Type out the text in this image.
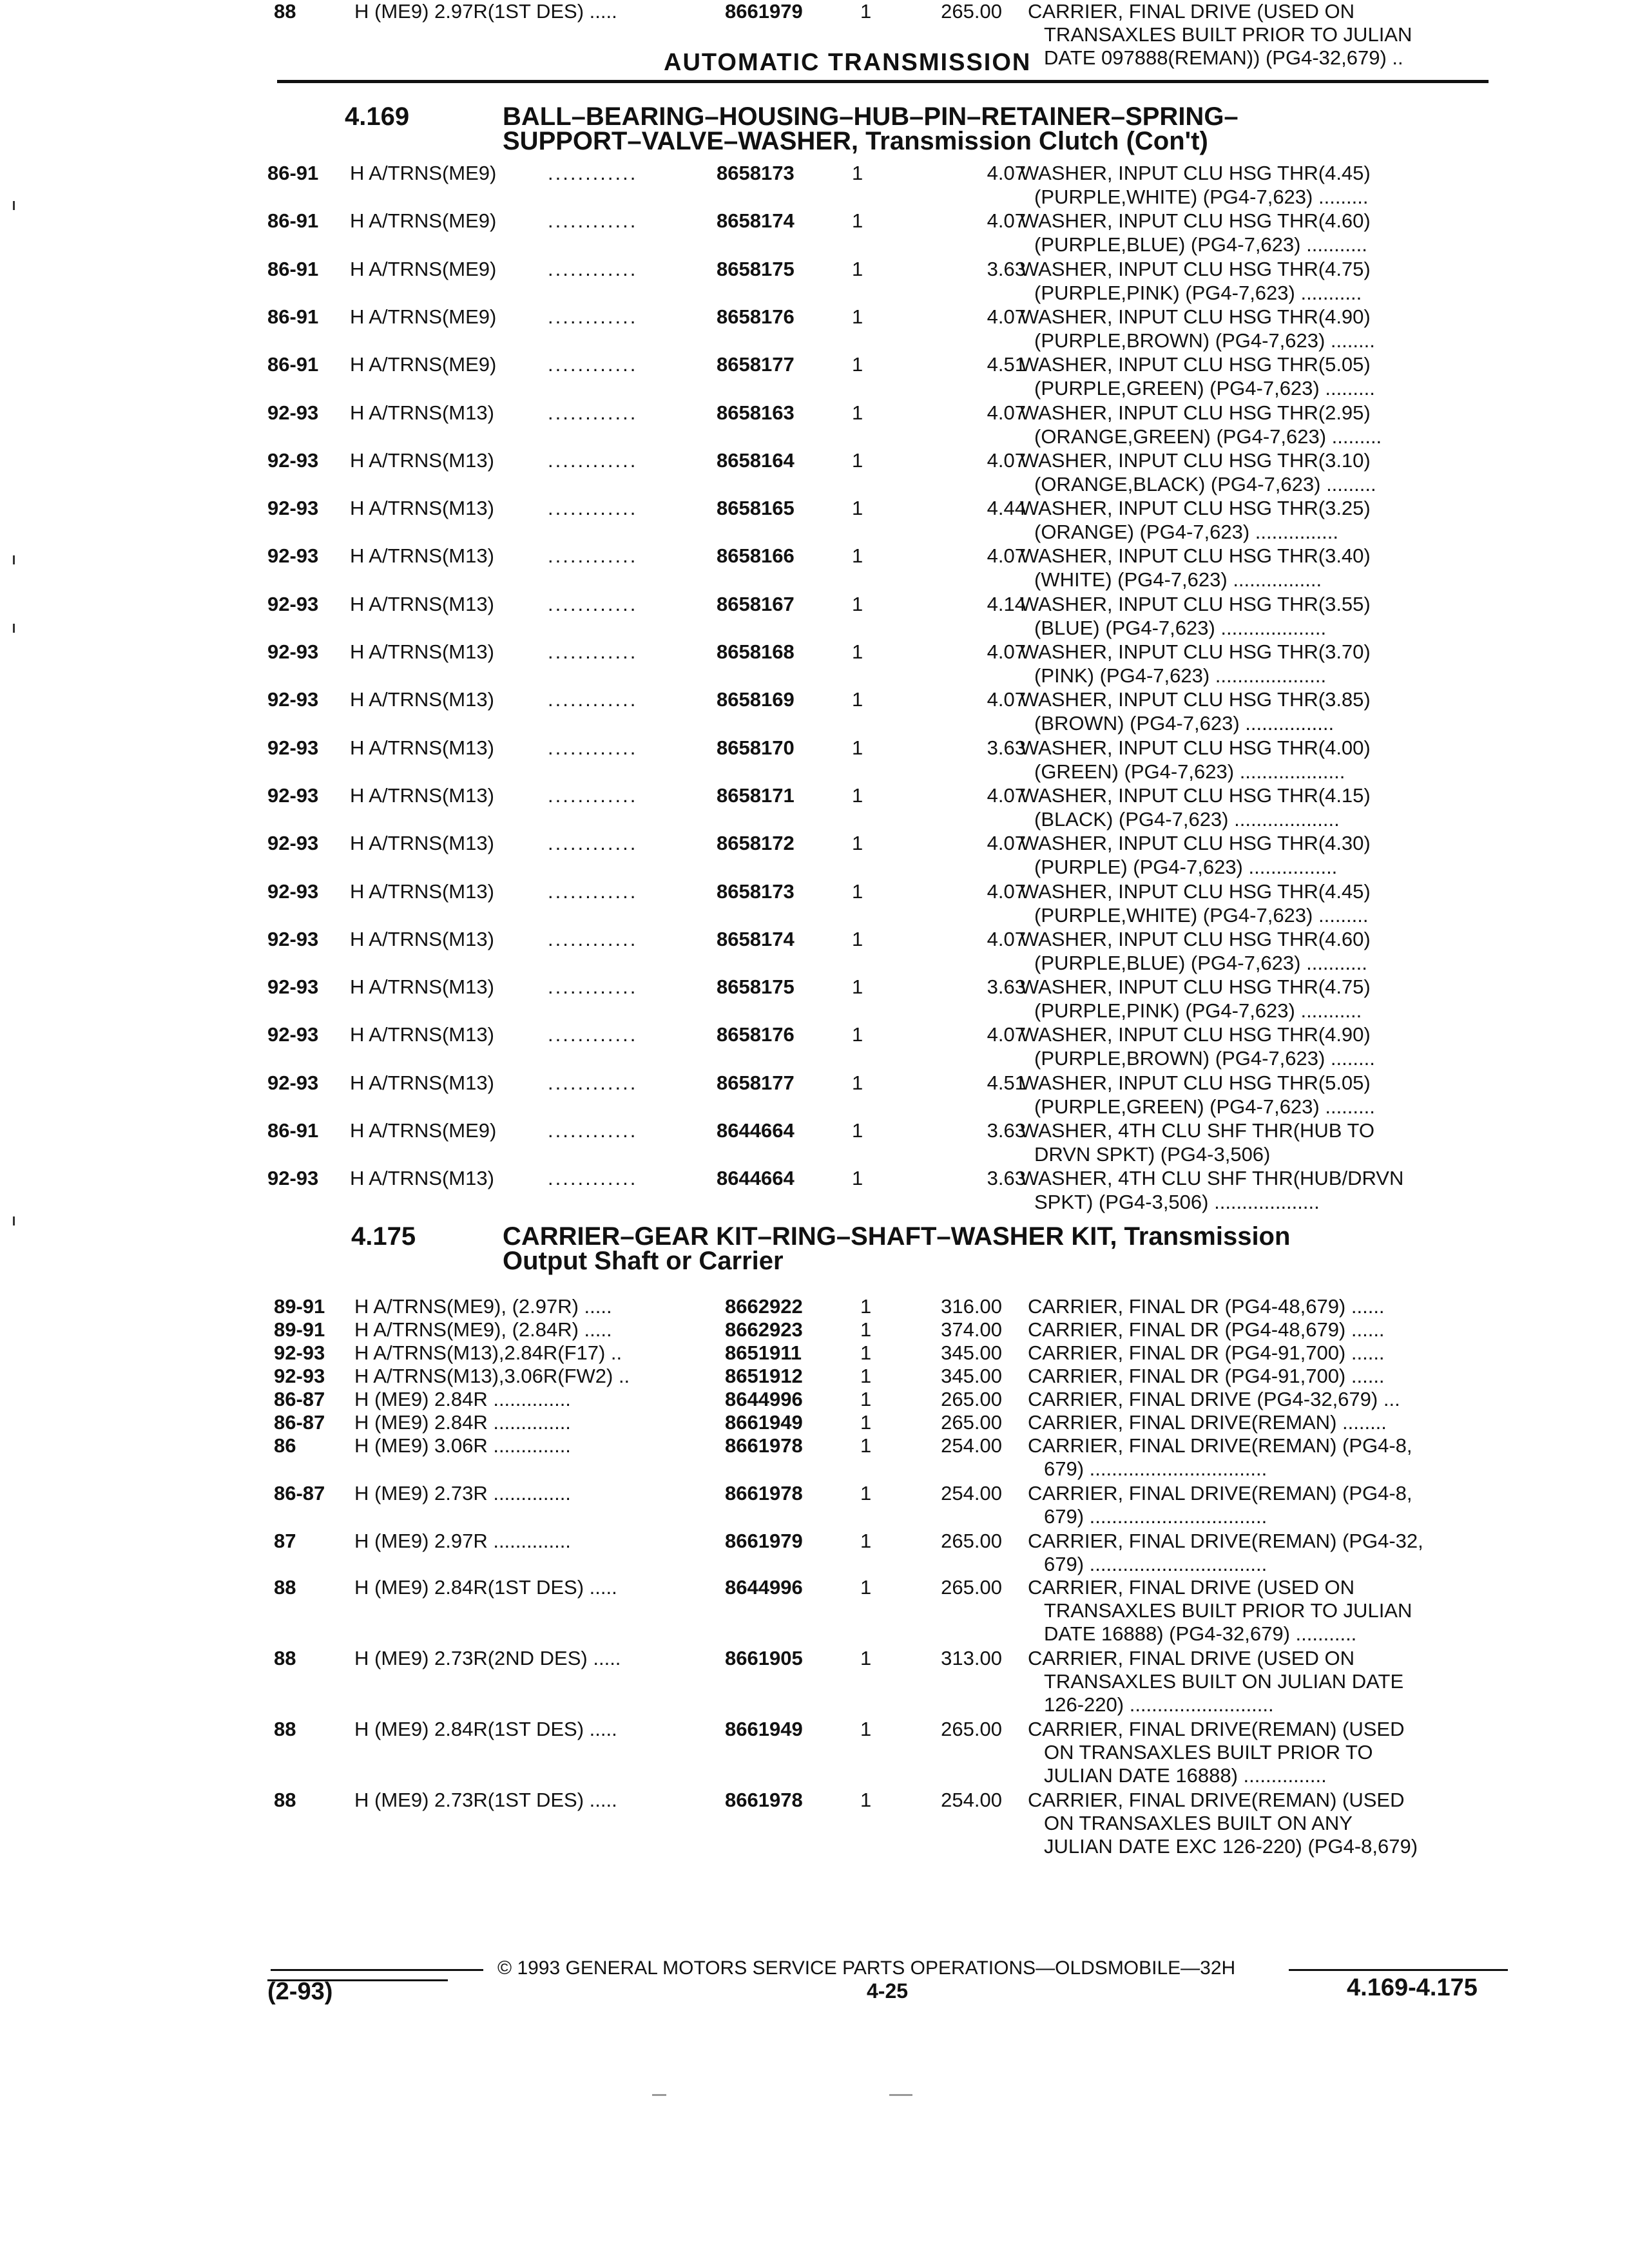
AUTOMATIC TRANSMISSION
4.169	BALL–BEARING–HOUSING–HUB–PIN–RETAINER–SPRING–
SUPPORT–VALVE–WASHER, Transmission Clutch (Con't)
86-91 H A/TRNS(ME9)	............	8658173	1	4.07
WASHER, INPUT CLU HSG THR(4.45)
(PURPLE,WHITE) (PG4-7,623) .........
86-91 H A/TRNS(ME9)	............	8658174	1	4.07
WASHER, INPUT CLU HSG THR(4.60)
(PURPLE,BLUE) (PG4-7,623) ...........
86-91 H A/TRNS(ME9)	............	8658175	1	3.63
WASHER, INPUT CLU HSG THR(4.75)
(PURPLE,PINK) (PG4-7,623) ...........
86-91 H A/TRNS(ME9)	............	8658176	1	4.07
WASHER, INPUT CLU HSG THR(4.90)
(PURPLE,BROWN) (PG4-7,623) ........
86-91 H A/TRNS(ME9)	............	8658177	1	4.51
WASHER, INPUT CLU HSG THR(5.05)
(PURPLE,GREEN) (PG4-7,623) .........
92-93 H A/TRNS(M13)	............	8658163	1	4.07
WASHER, INPUT CLU HSG THR(2.95)
(ORANGE,GREEN) (PG4-7,623) .........
92-93 H A/TRNS(M13)	............	8658164	1	4.07
WASHER, INPUT CLU HSG THR(3.10)
(ORANGE,BLACK) (PG4-7,623) .........
92-93 H A/TRNS(M13)	............	8658165	1	4.44
WASHER, INPUT CLU HSG THR(3.25)
(ORANGE) (PG4-7,623) ...............
92-93 H A/TRNS(M13)	............	8658166	1	4.07
WASHER, INPUT CLU HSG THR(3.40)
(WHITE) (PG4-7,623) ................
92-93 H A/TRNS(M13)	............	8658167	1	4.14
WASHER, INPUT CLU HSG THR(3.55)
(BLUE) (PG4-7,623) ...................
92-93 H A/TRNS(M13)	............	8658168	1	4.07
WASHER, INPUT CLU HSG THR(3.70)
(PINK) (PG4-7,623) ....................
92-93 H A/TRNS(M13)	............	8658169	1	4.07
WASHER, INPUT CLU HSG THR(3.85)
(BROWN) (PG4-7,623) ................
92-93 H A/TRNS(M13)	............	8658170	1	3.63
WASHER, INPUT CLU HSG THR(4.00)
(GREEN) (PG4-7,623) ...................
92-93 H A/TRNS(M13)	............	8658171	1	4.07
WASHER, INPUT CLU HSG THR(4.15)
(BLACK) (PG4-7,623) ...................
92-93 H A/TRNS(M13)	............	8658172	1	4.07
WASHER, INPUT CLU HSG THR(4.30)
(PURPLE) (PG4-7,623) ................
92-93 H A/TRNS(M13)	............	8658173	1	4.07
WASHER, INPUT CLU HSG THR(4.45)
(PURPLE,WHITE) (PG4-7,623) .........
92-93 H A/TRNS(M13)	............	8658174	1	4.07
WASHER, INPUT CLU HSG THR(4.60)
(PURPLE,BLUE) (PG4-7,623) ...........
92-93 H A/TRNS(M13)	............	8658175	1	3.63
WASHER, INPUT CLU HSG THR(4.75)
(PURPLE,PINK) (PG4-7,623) ...........
92-93 H A/TRNS(M13)	............	8658176	1	4.07
WASHER, INPUT CLU HSG THR(4.90)
(PURPLE,BROWN) (PG4-7,623) ........
92-93 H A/TRNS(M13)	............	8658177	1	4.51
WASHER, INPUT CLU HSG THR(5.05)
(PURPLE,GREEN) (PG4-7,623) .........
86-91 H A/TRNS(ME9)	............	8644664	1	3.63
WASHER, 4TH CLU SHF THR(HUB TO
DRVN SPKT) (PG4-3,506)
92-93 H A/TRNS(M13)	............	8644664	1	3.63
WASHER, 4TH CLU SHF THR(HUB/DRVN
SPKT) (PG4-3,506) ...................
4.175	CARRIER–GEAR KIT–RING–SHAFT–WASHER KIT, Transmission
Output Shaft or Carrier
89-91 H A/TRNS(ME9), (2.97R) .....	8662922	1	316.00 CARRIER, FINAL DR (PG4-48,679) ......
89-91 H A/TRNS(ME9), (2.84R) .....	8662923	1	374.00 CARRIER, FINAL DR (PG4-48,679) ......
92-93 H A/TRNS(M13),2.84R(F17) ..	8651911	1	345.00 CARRIER, FINAL DR (PG4-91,700) ......
92-93 H A/TRNS(M13),3.06R(FW2) ..	8651912	1	345.00 CARRIER, FINAL DR (PG4-91,700) ......
86-87 H (ME9) 2.84R ..............	8644996	1	265.00 CARRIER, FINAL DRIVE (PG4-32,679) ...
86-87 H (ME9) 2.84R ..............	8661949	1	265.00 CARRIER, FINAL DRIVE(REMAN) ........
86	H (ME9) 3.06R ..............	8661978	1	254.00 CARRIER, FINAL DRIVE(REMAN) (PG4-8,
679) ................................
86-87 H (ME9) 2.73R ..............	8661978	1	254.00 CARRIER, FINAL DRIVE(REMAN) (PG4-8,
679) ................................
87	H (ME9) 2.97R ..............	8661979	1	265.00 CARRIER, FINAL DRIVE(REMAN) (PG4-32,
679) ................................
88	H (ME9) 2.84R(1ST DES) .....	8644996	1	265.00 CARRIER, FINAL DRIVE (USED ON
TRANSAXLES BUILT PRIOR TO JULIAN
DATE 16888) (PG4-32,679) ...........
88	H (ME9) 2.73R(2ND DES) .....	8661905	1	313.00 CARRIER, FINAL DRIVE (USED ON
TRANSAXLES BUILT ON JULIAN DATE
126-220) ..........................
88	H (ME9) 2.84R(1ST DES) .....	8661949	1	265.00 CARRIER, FINAL DRIVE(REMAN) (USED
ON TRANSAXLES BUILT PRIOR TO
JULIAN DATE 16888) ...............
88	H (ME9) 2.73R(1ST DES) .....	8661978	1	254.00 CARRIER, FINAL DRIVE(REMAN) (USED
ON TRANSAXLES BUILT ON ANY
JULIAN DATE EXC 126-220) (PG4-8,679)
88	H (ME9) 2.97R(1ST DES) .....	8661979	1	265.00 CARRIER, FINAL DRIVE (USED ON
TRANSAXLES BUILT PRIOR TO JULIAN
DATE 097888(REMAN)) (PG4-32,679) ..
© 1993 GENERAL MOTORS SERVICE PARTS OPERATIONS—OLDSMOBILE—32H
(2-93)	4-25	4.169-4.175
